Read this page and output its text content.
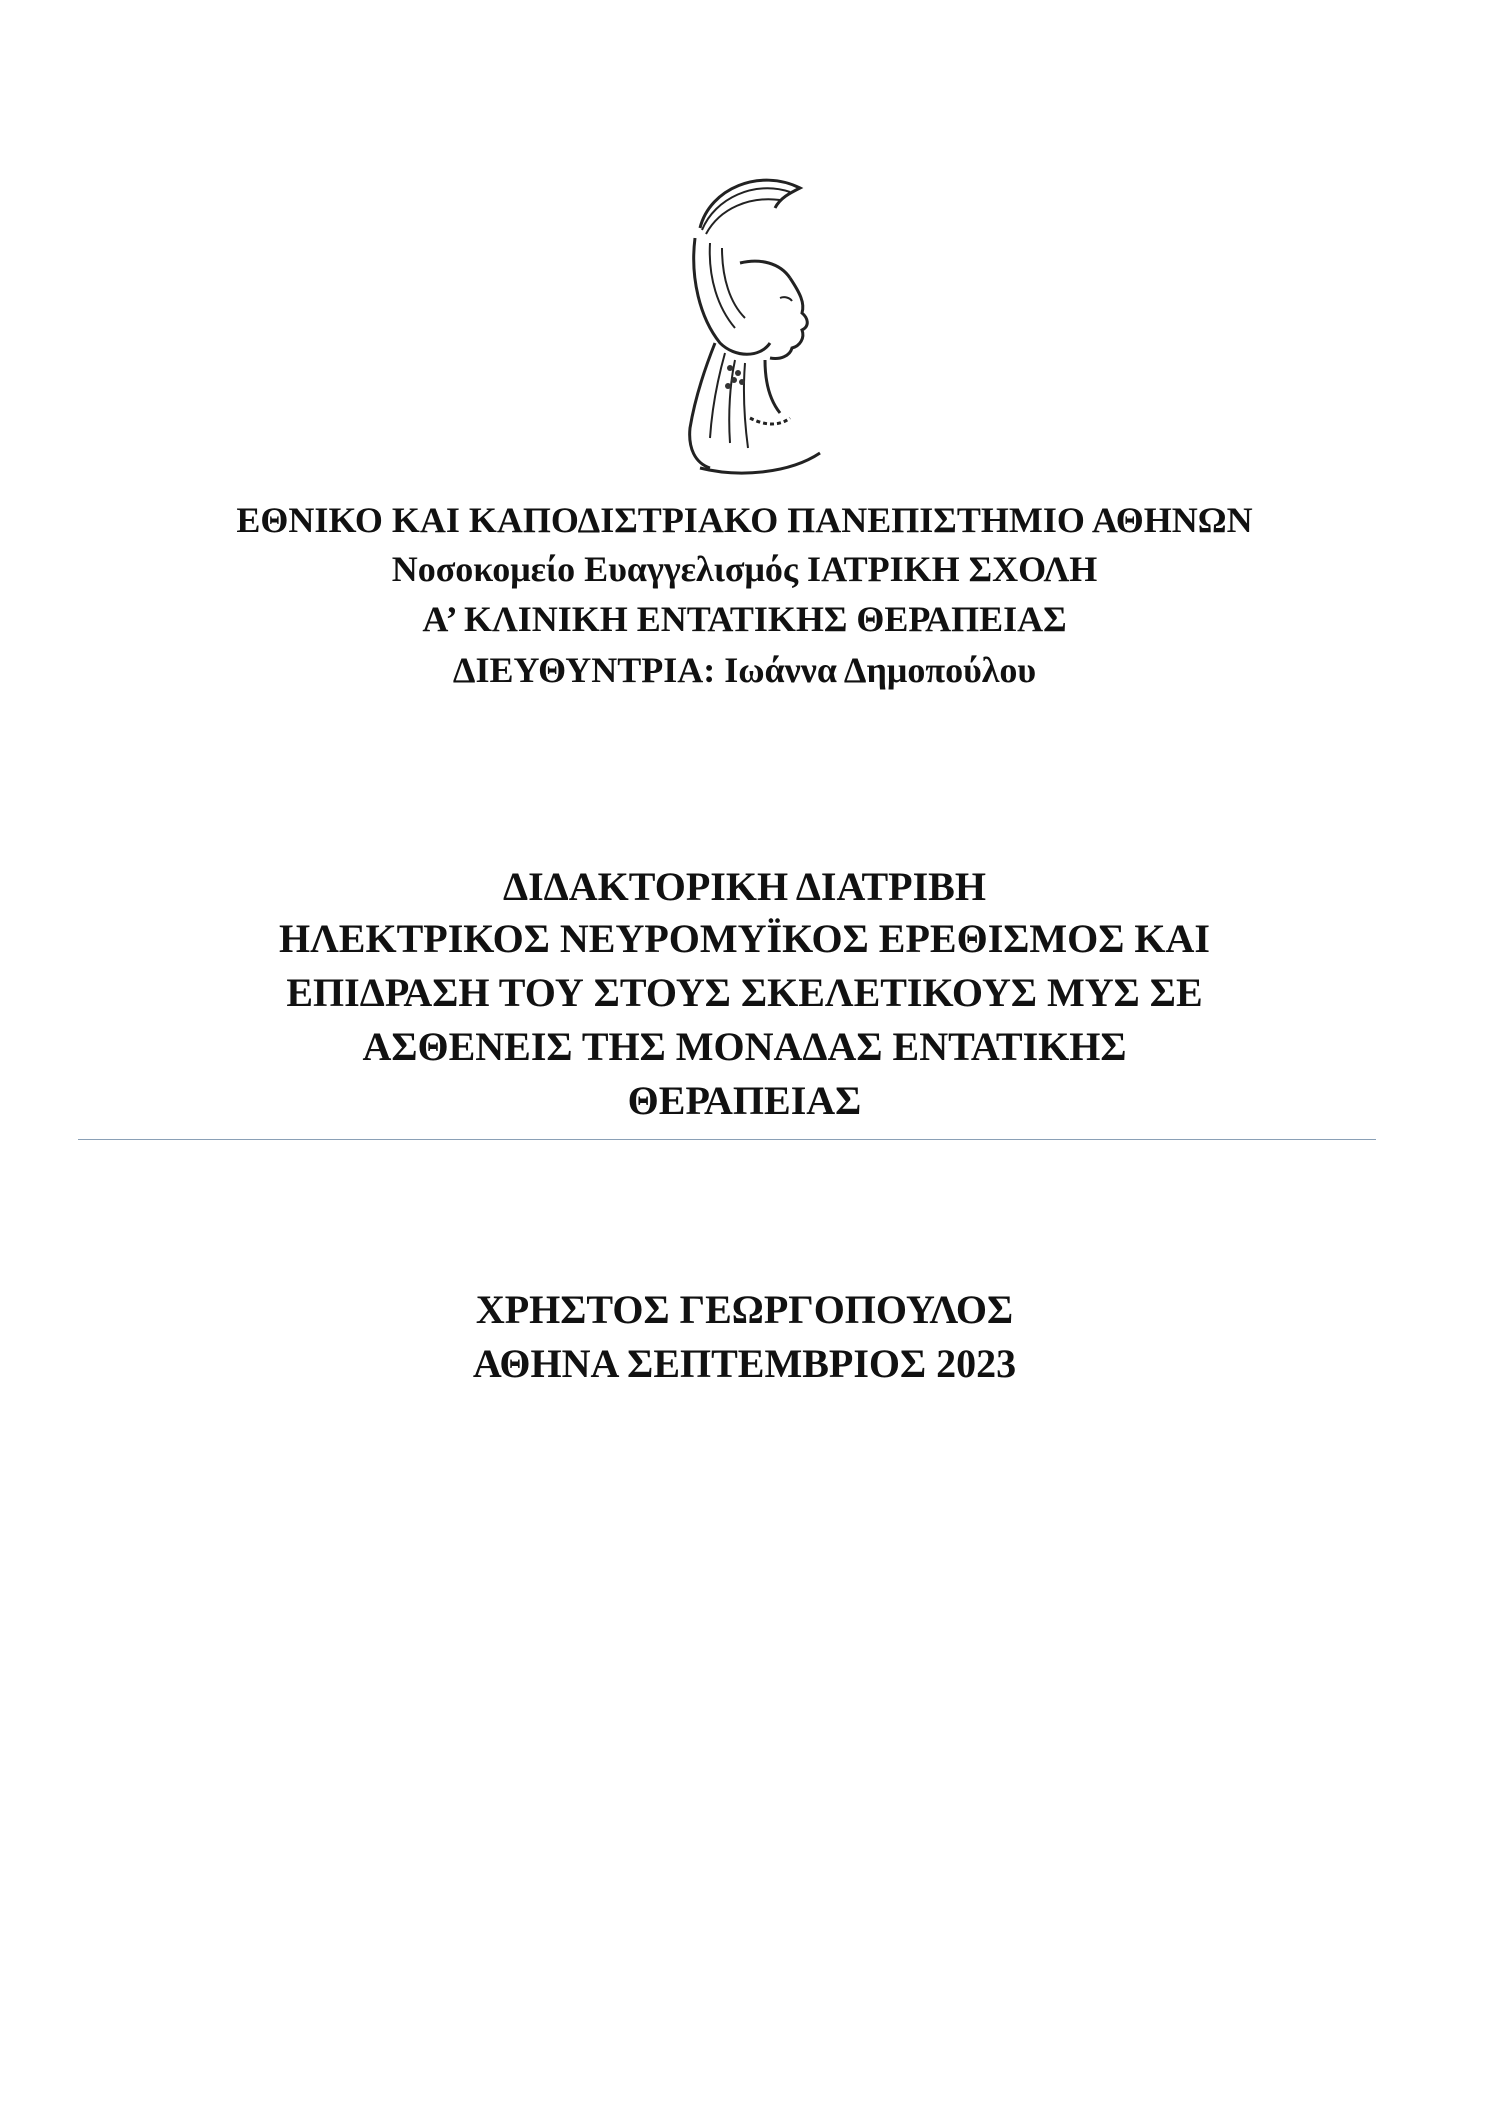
ΕΘΝΙΚΟ ΚΑΙ ΚΑΠΟΔΙΣΤΡΙΑΚΟ ΠΑΝΕΠΙΣΤΗΜΙΟ ΑΘΗΝΩΝ
Νοσοκομείο Ευαγγελισμός ΙΑΤΡΙΚΗ ΣΧΟΛΗ
Α’ ΚΛΙΝΙΚΗ ΕΝΤΑΤΙΚΗΣ ΘΕΡΑΠΕΙΑΣ
ΔΙΕΥΘΥΝΤΡΙΑ: Ιωάννα Δημοπούλου
ΔΙΔΑΚΤΟΡΙΚΗ ΔΙΑΤΡΙΒΗ
ΗΛΕΚΤΡΙΚΟΣ ΝΕΥΡΟΜΥΪΚΟΣ ΕΡΕΘΙΣΜΟΣ ΚΑΙ
ΕΠΙΔΡΑΣΗ ΤΟΥ ΣΤΟΥΣ ΣΚΕΛΕΤΙΚΟΥΣ ΜΥΣ ΣΕ
ΑΣΘΕΝΕΙΣ ΤΗΣ ΜΟΝΑΔΑΣ ΕΝΤΑΤΙΚΗΣ
ΘΕΡΑΠΕΙΑΣ
ΧΡΗΣΤΟΣ ΓΕΩΡΓΟΠΟΥΛΟΣ
ΑΘΗΝΑ ΣΕΠΤΕΜΒΡΙΟΣ 2023
